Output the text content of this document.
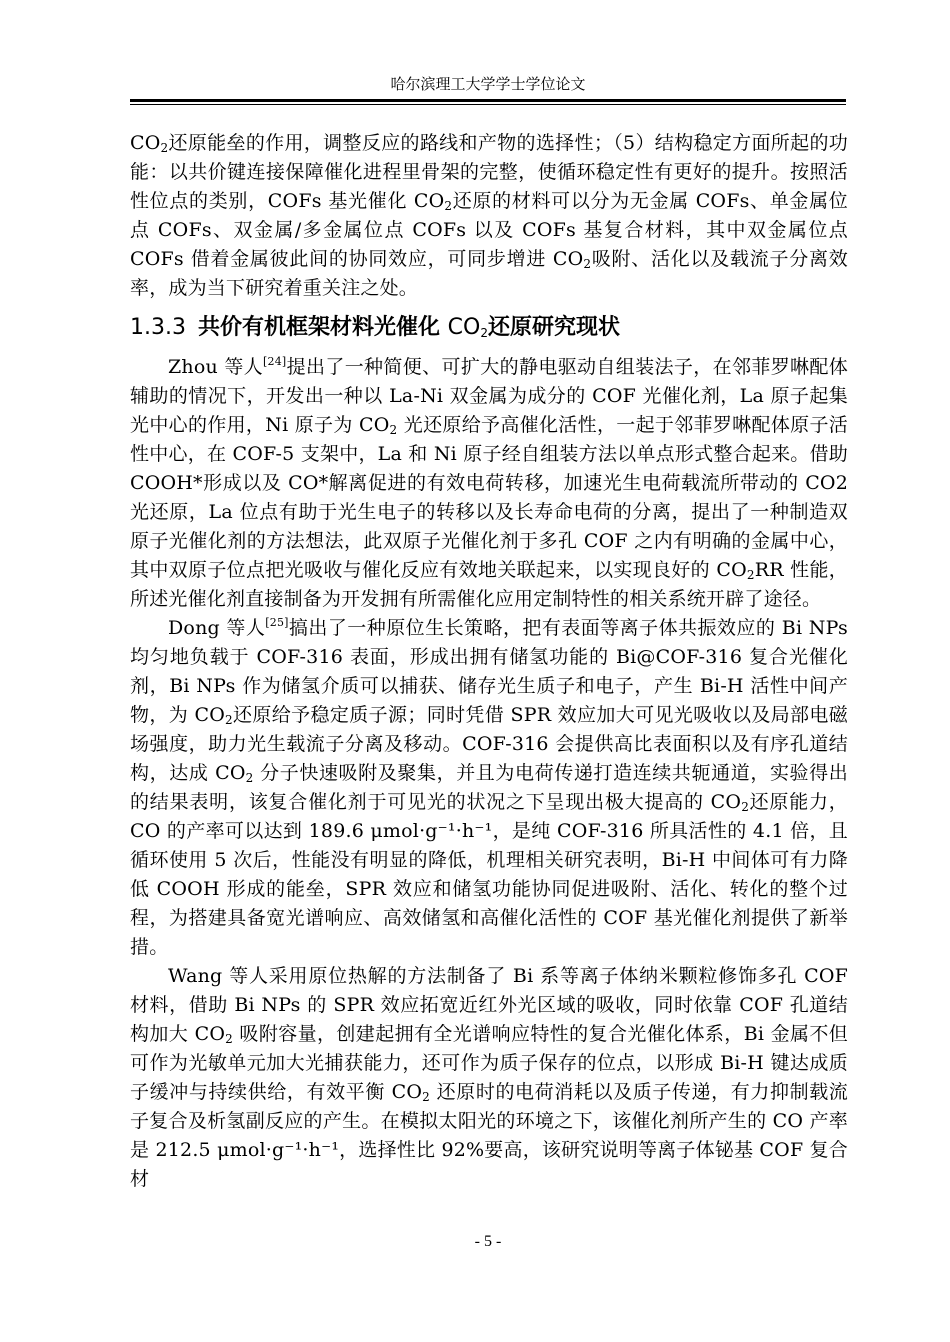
哈尔滨理工大学学士学位论文

$CO_2$还原能垒的作用，调整反应的路线和产物的选择性；（5）结构稳定方面所起的功能：以共价键连接保障催化进程里骨架的完整，使循环稳定性有更好的提升。按照活性位点的类别，COFs 基光催化 $CO_2$还原的材料可以分为无金属 COFs、单金属位点 COFs、双金属/多金属位点 COFs 以及 COFs 基复合材料，其中双金属位点 COFs 借着金属彼此间的协同效应，可同步增进 $CO_2$吸附、活化以及载流子分离效率，成为当下研究着重关注之处。

1.3.3 共价有机框架材料光催化 $CO_2$还原研究现状

Zhou 等人[24]提出了一种简便、可扩大的静电驱动自组装法子，在邻菲罗啉配体辅助的情况下，开发出一种以 La-Ni 双金属为成分的 COF 光催化剂，La 原子起集光中心的作用，Ni 原子为 $CO_2$ 光还原给予高催化活性，一起于邻菲罗啉配体原子活性中心，在 COF-5 支架中，La 和 Ni 原子经自组装方法以单点形式整合起来。借助 COOH*形成以及 CO*解离促进的有效电荷转移，加速光生电荷载流所带动的 CO2 光还原，La 位点有助于光生电子的转移以及长寿命电荷的分离，提出了一种制造双原子光催化剂的方法想法，此双原子光催化剂于多孔 COF 之内有明确的金属中心，其中双原子位点把光吸收与催化反应有效地关联起来，以实现良好的 $CO_2RR$ 性能，所述光催化剂直接制备为开发拥有所需催化应用定制特性的相关系统开辟了途径。

Dong 等人[25]搞出了一种原位生长策略，把有表面等离子体共振效应的 Bi NPs 均匀地负载于 COF-316 表面，形成出拥有储氢功能的 Bi@COF-316 复合光催化剂，Bi NPs 作为储氢介质可以捕获、储存光生质子和电子，产生 Bi-H 活性中间产物，为 $CO_2$还原给予稳定质子源；同时凭借 SPR 效应加大可见光吸收以及局部电磁场强度，助力光生载流子分离及移动。COF-316 会提供高比表面积以及有序孔道结构，达成 $CO_2$ 分子快速吸附及聚集，并且为电荷传递打造连续共轭通道，实验得出的结果表明，该复合催化剂于可见光的状况之下呈现出极大提高的 $CO_2$还原能力，CO 的产率可以达到 189.6 μmol·g⁻¹·h⁻¹，是纯 COF-316 所具活性的 4.1 倍，且循环使用 5 次后，性能没有明显的降低，机理相关研究表明，Bi-H 中间体可有力降低 COOH 形成的能垒，SPR 效应和储氢功能协同促进吸附、活化、转化的整个过程，为搭建具备宽光谱响应、高效储氢和高催化活性的 COF 基光催化剂提供了新举措。

Wang 等人采用原位热解的方法制备了 Bi 系等离子体纳米颗粒修饰多孔 COF 材料，借助 Bi NPs 的 SPR 效应拓宽近红外光区域的吸收，同时依靠 COF 孔道结构加大 $CO_2$ 吸附容量，创建起拥有全光谱响应特性的复合光催化体系，Bi 金属不但可作为光敏单元加大光捕获能力，还可作为质子保存的位点，以形成 Bi-H 键达成质子缓冲与持续供给，有效平衡 $CO_2$ 还原时的电荷消耗以及质子传递，有力抑制载流子复合及析氢副反应的产生。在模拟太阳光的环境之下，该催化剂所产生的 CO 产率是 212.5 μmol·g⁻¹·h⁻¹，选择性比 92%要高，该研究说明等离子体铋基 COF 复合材

- 5 -
